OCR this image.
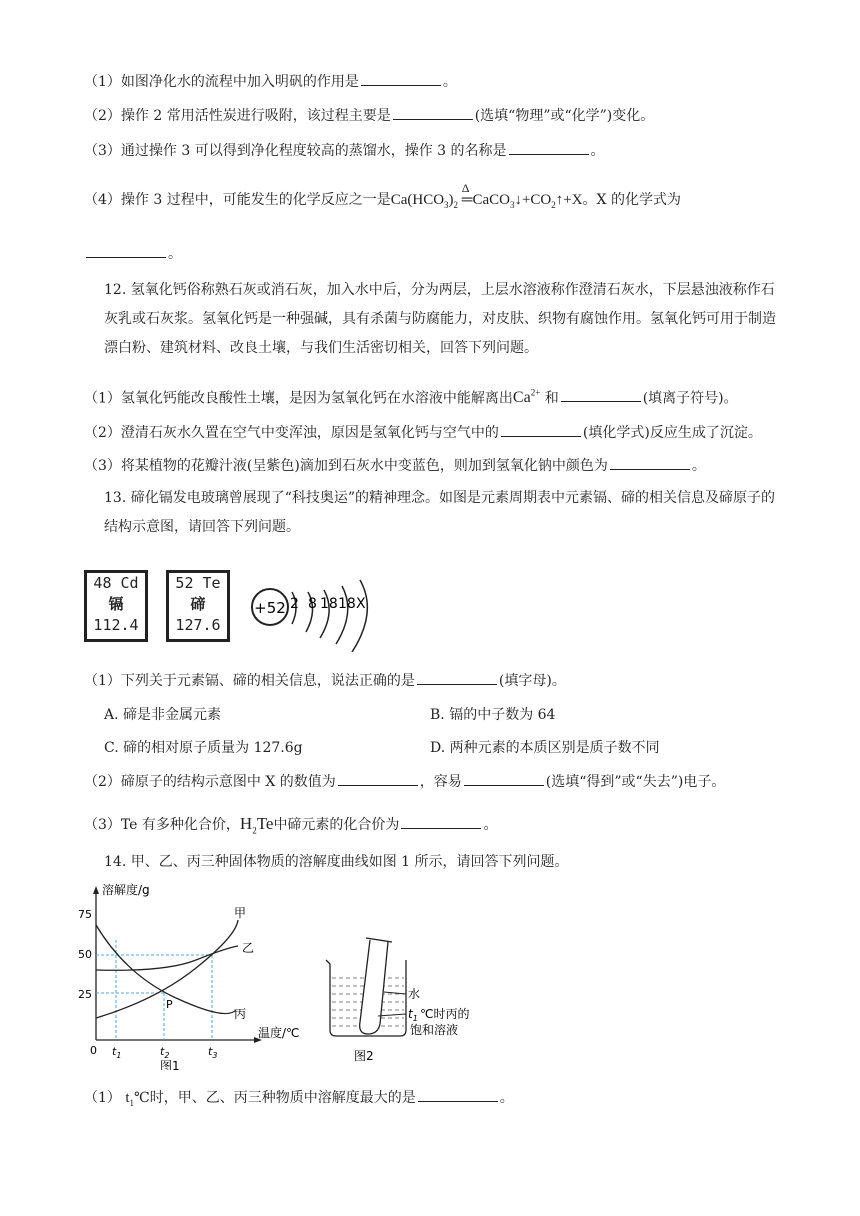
（1）如图净化水的流程中加入明矾的作用是	。
（2）操作 2 常用活性炭进行吸附，该过程主要是	(选填“物理”或“化学”)变化。
（3）通过操作 3 可以得到净化程度较高的蒸馏水，操作 3 的名称是	。
（4）操作 3 过程中，可能发生的化学反应之一是$Ca(HCO_3)_2$
Δ
$═CaCO_3↓+CO_2↑+X$。X 的化学式为
。
12. 氢氧化钙俗称熟石灰或消石灰，加入水中后，分为两层，上层水溶液称作澄清石灰水，下层悬浊液称作石灰乳或石灰浆。氢氧化钙是一种强碱，具有杀菌与防腐能力，对皮肤、织物有腐蚀作用。氢氧化钙可用于制造漂白粉、建筑材料、改良土壤，与我们生活密切相关，回答下列问题。
（1）氢氧化钙能改良酸性土壤，是因为氢氧化钙在水溶液中能解离出$Ca^{2+}$ 和	(填离子符号)。
（2）澄清石灰水久置在空气中变浑浊，原因是氢氧化钙与空气中的	(填化学式)反应生成了沉淀。
（3）将某植物的花瓣汁液(呈紫色)滴加到石灰水中变蓝色，则加到氢氧化钠中颜色为	。
13. 碲化镉发电玻璃曾展现了“科技奥运”的精神理念。如图是元素周期表中元素镉、碲的相关信息及碲原子的结构示意图，请回答下列问题。
48 Cd
镉
112.4
52 Te
碲
127.6
+52 2 8 18 18 X
（1）下列关于元素镉、碲的相关信息，说法正确的是	(填字母)。
A. 碲是非金属元素	B. 镉的中子数为 64
C. 碲的相对原子质量为 127.6g	D. 两种元素的本质区别是质子数不同
（2）碲原子的结构示意图中 X 的数值为	，容易	(选填“得到”或“失去”)电子。
（3）Te 有多种化合价，$H_2Te$中碲元素的化合价为	。
14. 甲、乙、丙三种固体物质的溶解度曲线如图 1 所示，请回答下列问题。
溶解度/g
温度/℃
75
50
25
0
甲
乙
丙
P
$t_1$	$t_2$	$t_3$
图1
水
$t_1$ ℃时丙的
饱和溶液
图2
（1） $t_1℃$时，甲、乙、丙三种物质中溶解度最大的是	。
